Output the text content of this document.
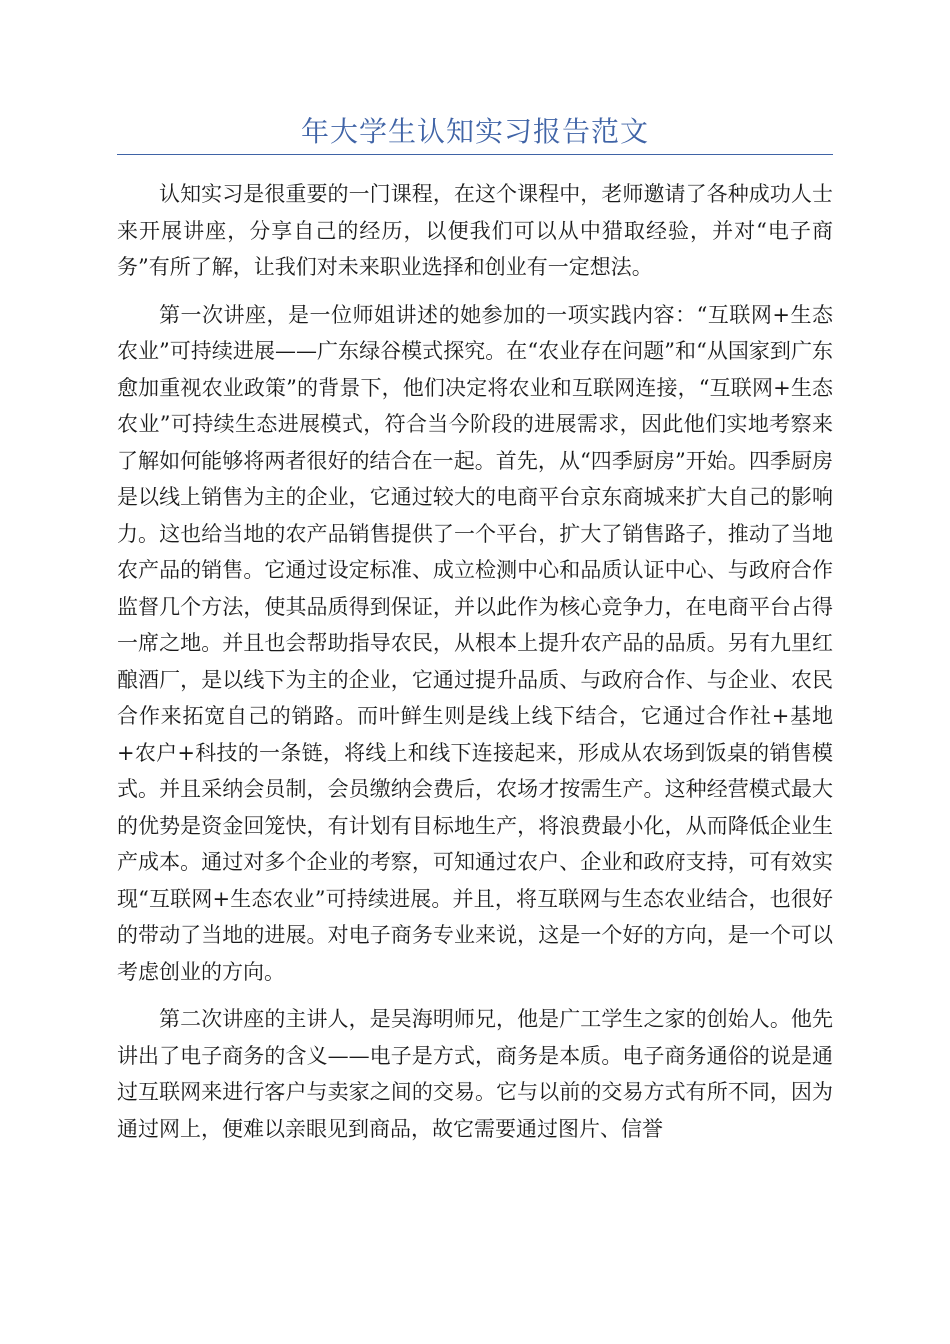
年大学生认知实习报告范文

认知实习是很重要的一门课程，在这个课程中，老师邀请了各种成功人士来开展讲座，分享自己的经历，以便我们可以从中猎取经验，并对“电子商务”有所了解，让我们对未来职业选择和创业有一定想法。

第一次讲座，是一位师姐讲述的她参加的一项实践内容：“互联网+生态农业”可持续进展——广东绿谷模式探究。在“农业存在问题”和“从国家到广东愈加重视农业政策”的背景下，他们决定将农业和互联网连接，“互联网+生态农业”可持续生态进展模式，符合当今阶段的进展需求，因此他们实地考察来了解如何能够将两者很好的结合在一起。首先，从“四季厨房”开始。四季厨房是以线上销售为主的企业，它通过较大的电商平台京东商城来扩大自己的影响力。这也给当地的农产品销售提供了一个平台，扩大了销售路子，推动了当地农产品的销售。它通过设定标准、成立检测中心和品质认证中心、与政府合作监督几个方法，使其品质得到保证，并以此作为核心竞争力，在电商平台占得一席之地。并且也会帮助指导农民，从根本上提升农产品的品质。另有九里红酿酒厂，是以线下为主的企业，它通过提升品质、与政府合作、与企业、农民合作来拓宽自己的销路。而叶鲜生则是线上线下结合，它通过合作社+基地+农户+科技的一条链，将线上和线下连接起来，形成从农场到饭桌的销售模式。并且采纳会员制，会员缴纳会费后，农场才按需生产。这种经营模式最大的优势是资金回笼快，有计划有目标地生产，将浪费最小化，从而降低企业生产成本。通过对多个企业的考察，可知通过农户、企业和政府支持，可有效实现“互联网+生态农业”可持续进展。并且，将互联网与生态农业结合，也很好的带动了当地的进展。对电子商务专业来说，这是一个好的方向，是一个可以考虑创业的方向。

第二次讲座的主讲人，是吴海明师兄，他是广工学生之家的创始人。他先讲出了电子商务的含义——电子是方式，商务是本质。电子商务通俗的说是通过互联网来进行客户与卖家之间的交易。它与以前的交易方式有所不同，因为通过网上，便难以亲眼见到商品，故它需要通过图片、信誉
